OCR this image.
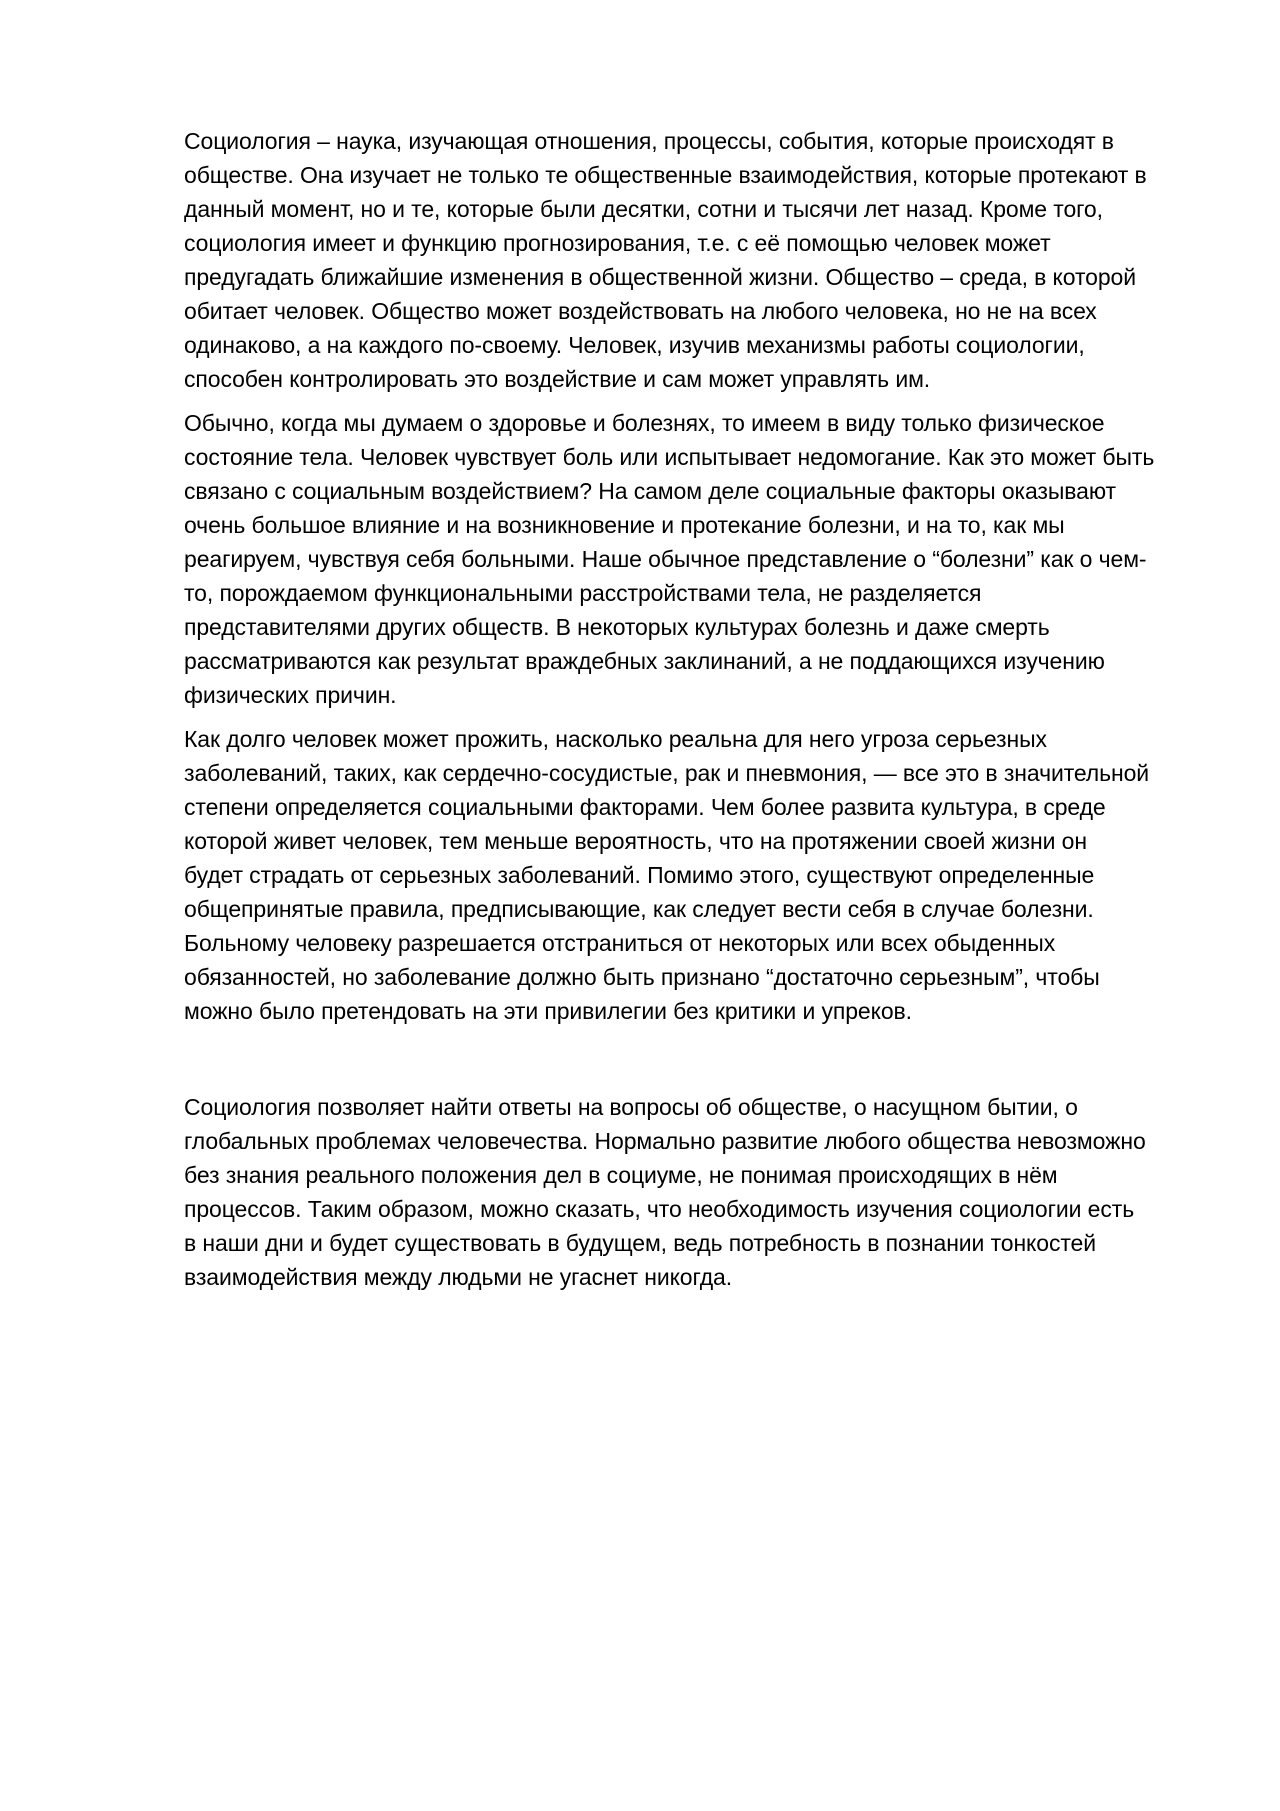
Социология – наука, изучающая отношения, процессы, события, которые происходят в
обществе. Она изучает не только те общественные взаимодействия, которые протекают в
данный момент, но и те, которые были десятки, сотни и тысячи лет назад. Кроме того,
социология имеет и функцию прогнозирования, т.е. с её помощью человек может
предугадать ближайшие изменения в общественной жизни. Общество – среда, в которой
обитает человек. Общество может воздействовать на любого человека, но не на всех
одинаково, а на каждого по-своему. Человек, изучив механизмы работы социологии,
способен контролировать это воздействие и сам может управлять им.

Обычно, когда мы думаем о здоровье и болезнях, то имеем в виду только физическое
состояние тела. Человек чувствует боль или испытывает недомогание. Как это может быть
связано с социальным воздействием? На самом деле социальные факторы оказывают
очень большое влияние и на возникновение и протекание болезни, и на то, как мы
реагируем, чувствуя себя больными. Наше обычное представление о “болезни” как о чем-
то, порождаемом функциональными расстройствами тела, не разделяется
представителями других обществ. В некоторых культурах болезнь и даже смерть
рассматриваются как результат враждебных заклинаний, а не поддающихся изучению
физических причин.

Как долго человек может прожить, насколько реальна для него угроза серьезных
заболеваний, таких, как сердечно-сосудистые, рак и пневмония, — все это в значительной
степени определяется социальными факторами. Чем более развита культура, в среде
которой живет человек, тем меньше вероятность, что на протяжении своей жизни он
будет страдать от серьезных заболеваний. Помимо этого, существуют определенные
общепринятые правила, предписывающие, как следует вести себя в случае болезни.
Больному человеку разрешается отстраниться от некоторых или всех обыденных
обязанностей, но заболевание должно быть признано “достаточно серьезным”, чтобы
можно было претендовать на эти привилегии без критики и упреков.

Социология позволяет найти ответы на вопросы об обществе, о насущном бытии, о
глобальных проблемах человечества. Нормально развитие любого общества невозможно
без знания реального положения дел в социуме, не понимая происходящих в нём
процессов. Таким образом, можно сказать, что необходимость изучения социологии есть
в наши дни и будет существовать в будущем, ведь потребность в познании тонкостей
взаимодействия между людьми не угаснет никогда.
